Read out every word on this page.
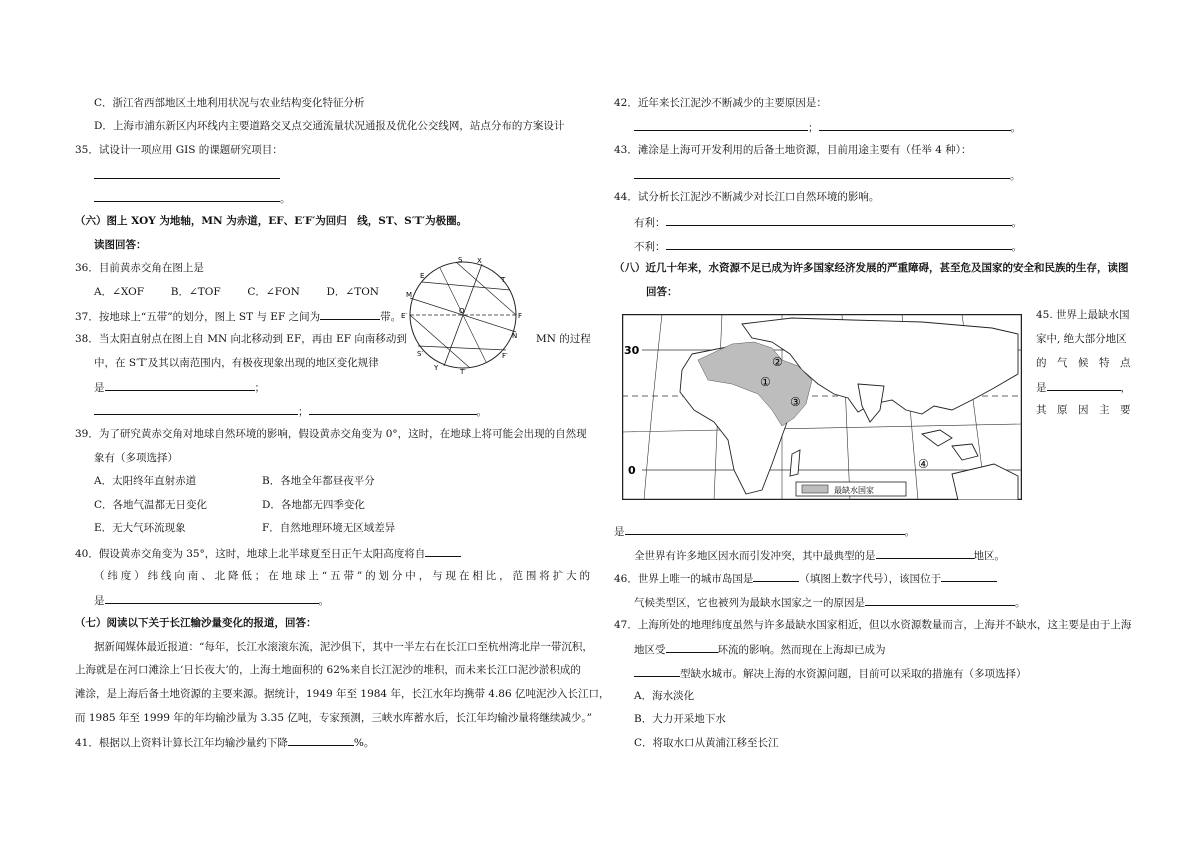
C．浙江省西部地区土地利用状况与农业结构变化特征分析
D．上海市浦东新区内环线内主要道路交叉点交通流量状况通报及优化公交线网，站点分布的方案设计
35．试设计一项应用 GIS 的课题研究项目：
。
（六）图上 XOY 为地轴，MN 为赤道，EF、E′F′为回归　线，ST、S′T′为极圈。
读图回答：
36．目前黄赤交角在图上是
A．∠XOF	B．∠TOF	C．∠FON	D．∠TON
37．按地球上“五带”的划分，图上 ST 与 EF 之间为	带。
38．当太阳直射点在图上自 MN 向北移动到 EF，再由 EF 向南移动到	MN 的过程
中，在 S′T′及其以南范围内，有极夜现象出现的地区变化规律
是	；
；	。
39．为了研究黄赤交角对地球自然环境的影响，假设黄赤交角变为 0°，这时，在地球上将可能会出现的自然现
象有（多项选择）
A．太阳终年直射赤道	B．各地全年都昼夜平分
C．各地气温都无日变化	D．各地都无四季变化
E．无大气环流现象	F．自然地理环境无区域差异
40．假设黄赤交角变为 35°，这时，地球上北半球夏至日正午太阳高度将自
（纬度）纬线向南、北降低；在地球上“五带”的划分中，与现在相比，范围将扩大的
是	。
（七）阅读以下关于长江输沙量变化的报道，回答：
据新闻媒体最近报道：“每年，长江水滚滚东流，泥沙俱下，其中一半左右在长江口至杭州湾北岸一带沉积，
上海就是在河口滩涂上‘日长夜大’的，上海土地面积的 62%来自长江泥沙的堆积，而未来长江口泥沙淤积成的
滩涂，是上海后备土地资源的主要来源。据统计，1949 年至 1984 年，长江水年均携带 4.86 亿吨泥沙入长江口，
而 1985 年至 1999 年的年均输沙量为 3.35 亿吨，专家预测，三峡水库蓄水后，长江年均输沙量将继续减少。”
41．根据以上资料计算长江年均输沙量约下降	%。
S X
T
E
M
O
E′	F
N
F′
Y
S′
T′
42．近年来长江泥沙不断减少的主要原因是：
；	。
43．滩涂是上海可开发利用的后备土地资源，目前用途主要有（任举 4 种）：
。
44．试分析长江泥沙不断减少对长江口自然环境的影响。
有利：	。
不利：	。
（八）近几十年来，水资源不足已成为许多国家经济发展的严重障碍，甚至危及国家的安全和民族的生存，读图
回答：
45. 世界上最缺水国
家中, 绝大部分地区
的　气　候　特　点
是	，
其　原　因　主　要
是	。
全世界有许多地区因水而引发冲突，其中最典型的是	地区。
46．世界上唯一的城市岛国是	（填图上数字代号），该国位于
气候类型区，它也被列为最缺水国家之一的原因是	。
47．上海所处的地理纬度虽然与许多最缺水国家相近，但以水资源数量而言，上海并不缺水，这主要是由于上海
地区受	环流的影响。然而现在上海却已成为
型缺水城市。解决上海的水资源问题，目前可以采取的措施有（多项选择）
A．海水淡化
B．大力开采地下水
C．将取水口从黄浦江移至长江
30
0
①
②
③
④
最缺水国家
